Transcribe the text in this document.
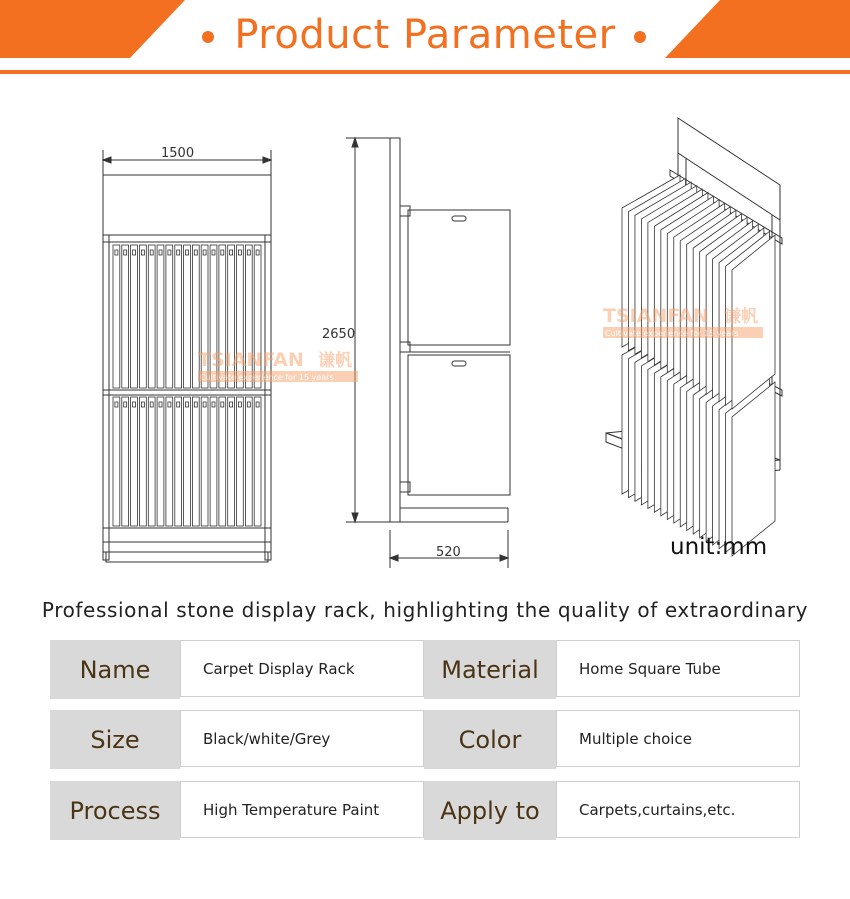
Product Parameter
1500
2650
520
TSIANFAN 谦帆
Cultivate experience for 15 years
TSIANFAN 谦帆
Cultivate experience for 15 years
unit:mm
Professional stone display rack, highlighting the quality of extraordinary
Name	Carpet Display Rack	Material	Home Square Tube
Size	Black/white/Grey	Color	Multiple choice
Process	High Temperature Paint	Apply to	Carpets,curtains,etc.
